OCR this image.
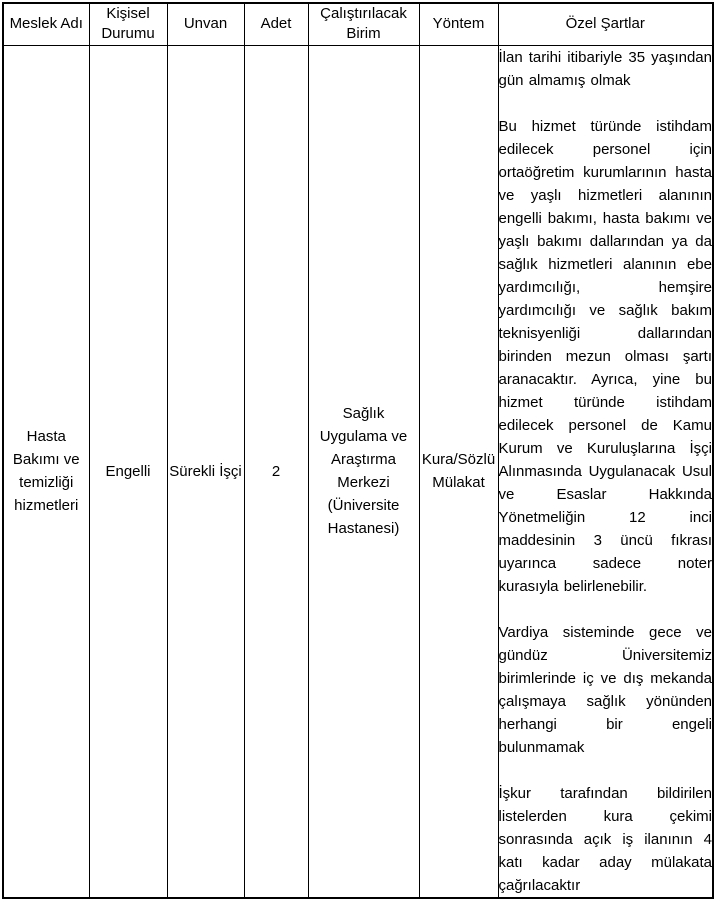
Meslek Adı	Kişisel Durumu	Unvan	Adet	Çalıştırılacak Birim	Yöntem	Özel Şartlar
Hasta Bakımı ve temizliği hizmetleri	Engelli	Sürekli İşçi	2	Sağlık Uygulama ve Araştırma Merkezi (Üniversite Hastanesi)	Kura/Sözlü Mülakat	İlan tarihi itibariyle 35 yaşından gün almamış olmak

Bu hizmet türünde istihdam edilecek personel için ortaöğretim kurumlarının hasta ve yaşlı hizmetleri alanının engelli bakımı, hasta bakımı ve yaşlı bakımı dallarından ya da sağlık hizmetleri alanının ebe yardımcılığı, hemşire yardımcılığı ve sağlık bakım teknisyenliği dallarından birinden mezun olması şartı aranacaktır. Ayrıca, yine bu hizmet türünde istihdam edilecek personel de Kamu Kurum ve Kuruluşlarına İşçi Alınmasında Uygulanacak Usul ve Esaslar Hakkında Yönetmeliğin 12 inci maddesinin 3 üncü fıkrası uyarınca sadece noter kurasıyla belirlenebilir.

Vardiya sisteminde gece ve gündüz Üniversitemiz birimlerinde iç ve dış mekanda çalışmaya sağlık yönünden herhangi bir engeli bulunmamak

İşkur tarafından bildirilen listelerden kura çekimi sonrasında açık iş ilanının 4 katı kadar aday mülakata çağrılacaktır
